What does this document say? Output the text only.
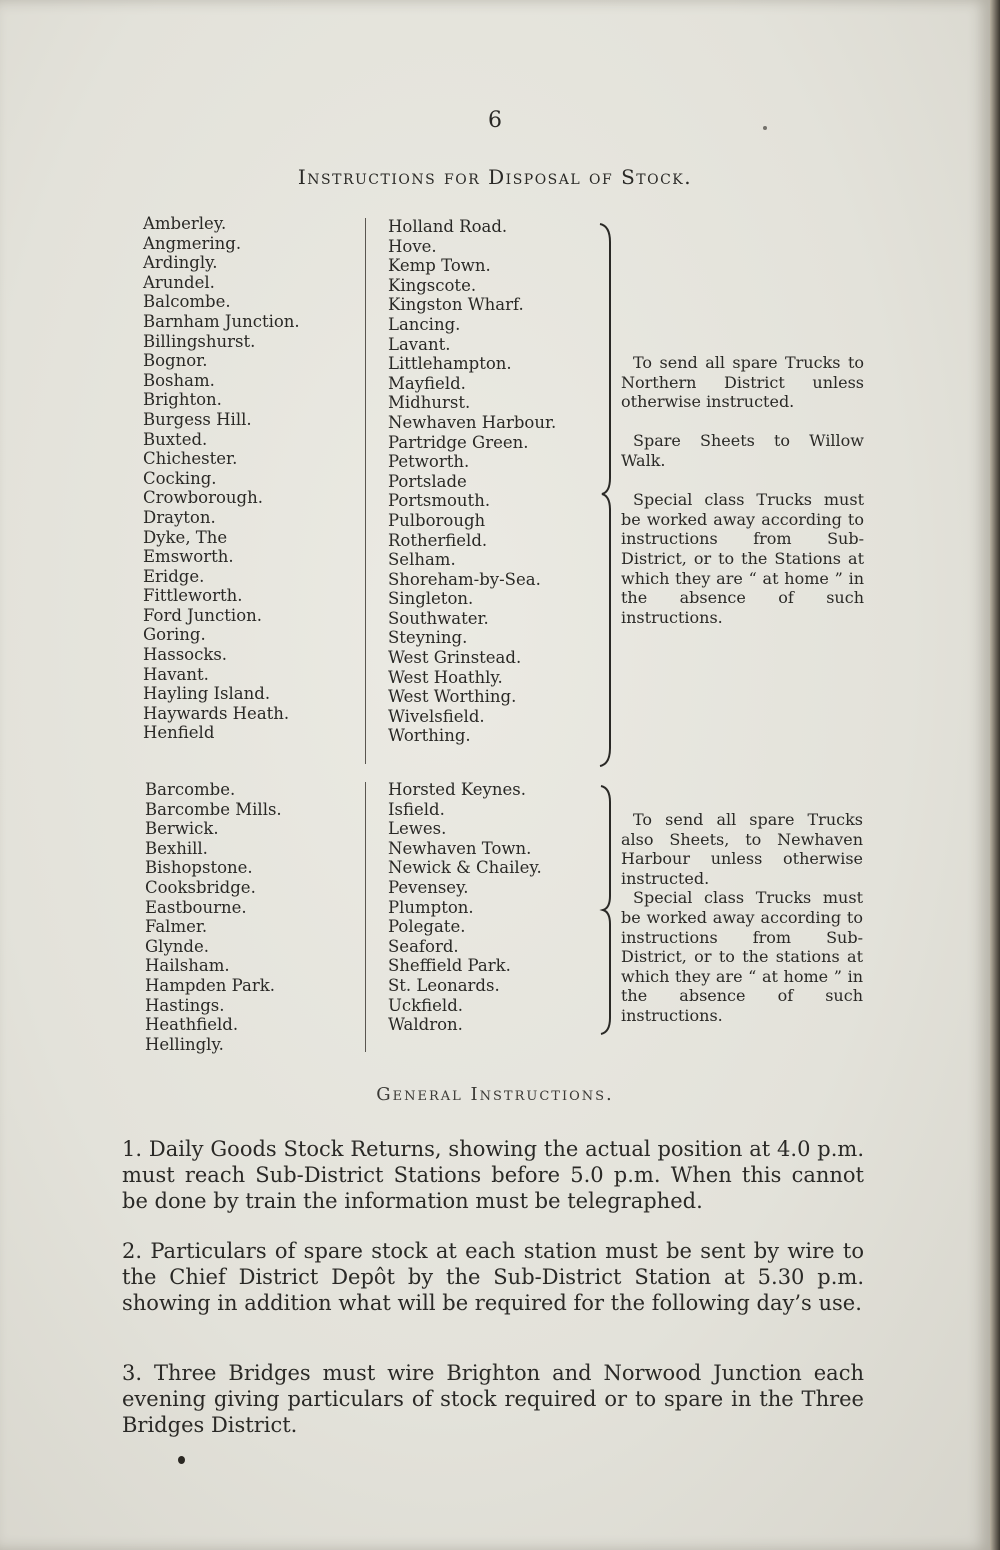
6
Instructions for Disposal of Stock.
Amberley.
Angmering.
Ardingly.
Arundel.
Balcombe.
Barnham Junction.
Billingshurst.
Bognor.
Bosham.
Brighton.
Burgess Hill.
Buxted.
Chichester.
Cocking.
Crowborough.
Drayton.
Dyke, The
Emsworth.
Eridge.
Fittleworth.
Ford Junction.
Goring.
Hassocks.
Havant.
Hayling Island.
Haywards Heath.
Henfield
Holland Road.
Hove.
Kemp Town.
Kingscote.
Kingston Wharf.
Lancing.
Lavant.
Littlehampton.
Mayfield.
Midhurst.
Newhaven Harbour.
Partridge Green.
Petworth.
Portslade
Portsmouth.
Pulborough
Rotherfield.
Selham.
Shoreham-by-Sea.
Singleton.
Southwater.
Steyning.
West Grinstead.
West Hoathly.
West Worthing.
Wivelsfield.
Worthing.

To send all spare Trucks to Northern District unless otherwise instructed.

Spare Sheets to Willow Walk.

Special class Trucks must be worked away according to instructions from Sub-District, or to the Stations at which they are “ at home ” in the absence of such instructions.

Barcombe.
Barcombe Mills.
Berwick.
Bexhill.
Bishopstone.
Cooksbridge.
Eastbourne.
Falmer.
Glynde.
Hailsham.
Hampden Park.
Hastings.
Heathfield.
Hellingly.
Horsted Keynes.
Isfield.
Lewes.
Newhaven Town.
Newick & Chailey.
Pevensey.
Plumpton.
Polegate.
Seaford.
Sheffield Park.
St. Leonards.
Uckfield.
Waldron.

To send all spare Trucks also Sheets, to Newhaven Harbour unless otherwise instructed.

Special class Trucks must be worked away according to instructions from Sub-District, or to the stations at which they are “ at home ” in the absence of such instructions.

General Instructions.

1. Daily Goods Stock Returns, showing the actual position at 4.0 p.m. must reach Sub-District Stations before 5.0 p.m. When this cannot be done by train the information must be telegraphed.

2. Particulars of spare stock at each station must be sent by wire to the Chief District Depôt by the Sub-District Station at 5.30 p.m. showing in addition what will be required for the following day’s use.

3. Three Bridges must wire Brighton and Norwood Junction each evening giving particulars of stock required or to spare in the Three Bridges District.
